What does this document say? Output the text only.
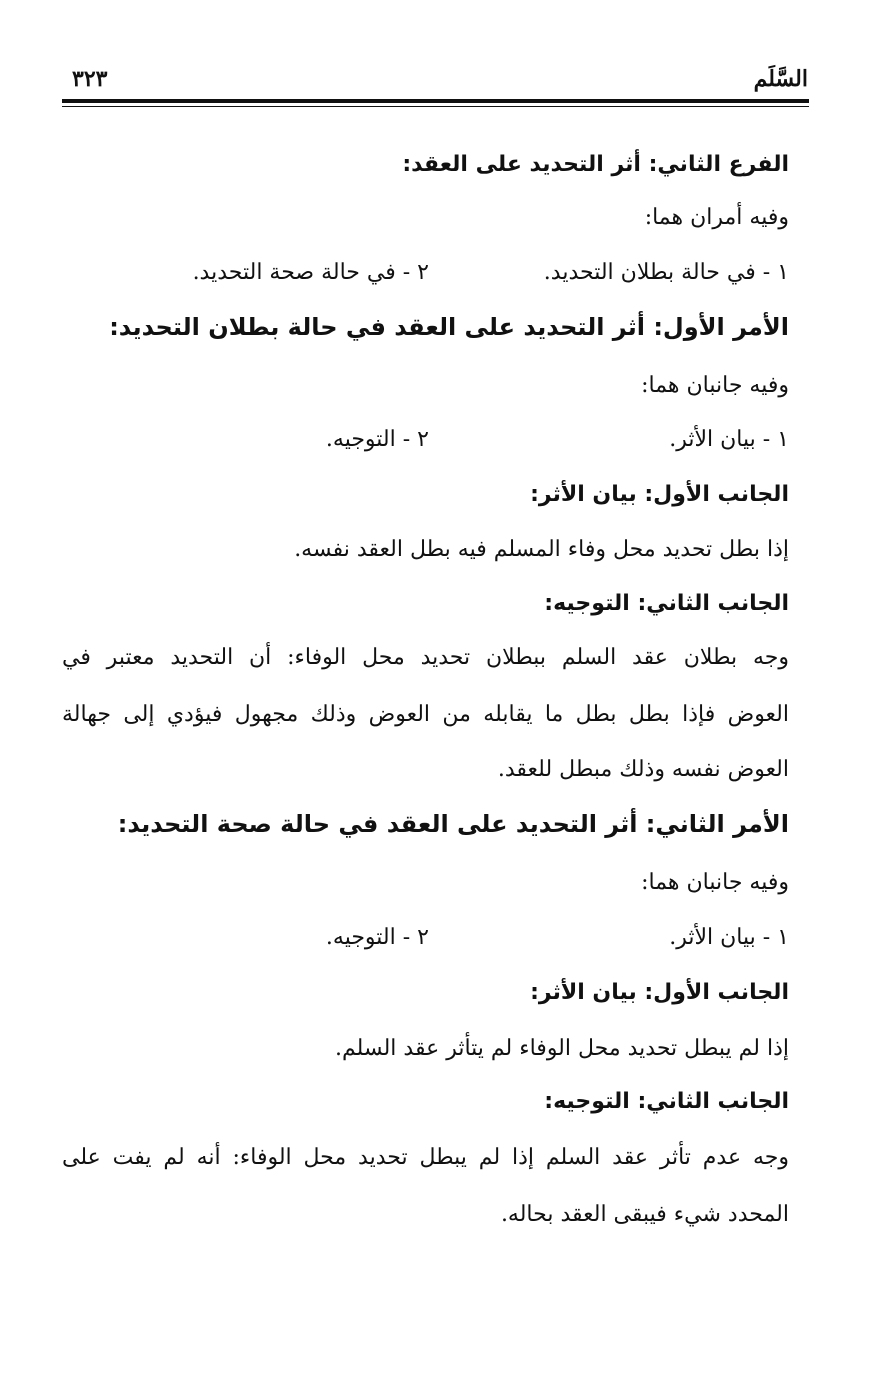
السَّلَم
٣٢٣
الفرع الثاني: أثر التحديد على العقد:
وفيه أمران هما:
١ - في حالة بطلان التحديد.
٢ - في حالة صحة التحديد.
الأمر الأول: أثر التحديد على العقد في حالة بطلان التحديد:
وفيه جانبان هما:
١ - بيان الأثر.
٢ - التوجيه.
الجانب الأول: بيان الأثر:
إذا بطل تحديد محل وفاء المسلم فيه بطل العقد نفسه.
الجانب الثاني: التوجيه:
وجه بطلان عقد السلم ببطلان تحديد محل الوفاء: أن التحديد معتبر في
العوض فإذا بطل بطل ما يقابله من العوض وذلك مجهول فيؤدي إلى جهالة
العوض نفسه وذلك مبطل للعقد.
الأمر الثاني: أثر التحديد على العقد في حالة صحة التحديد:
وفيه جانبان هما:
١ - بيان الأثر.
٢ - التوجيه.
الجانب الأول: بيان الأثر:
إذا لم يبطل تحديد محل الوفاء لم يتأثر عقد السلم.
الجانب الثاني: التوجيه:
وجه عدم تأثر عقد السلم إذا لم يبطل تحديد محل الوفاء: أنه لم يفت على
المحدد شيء فيبقى العقد بحاله.
